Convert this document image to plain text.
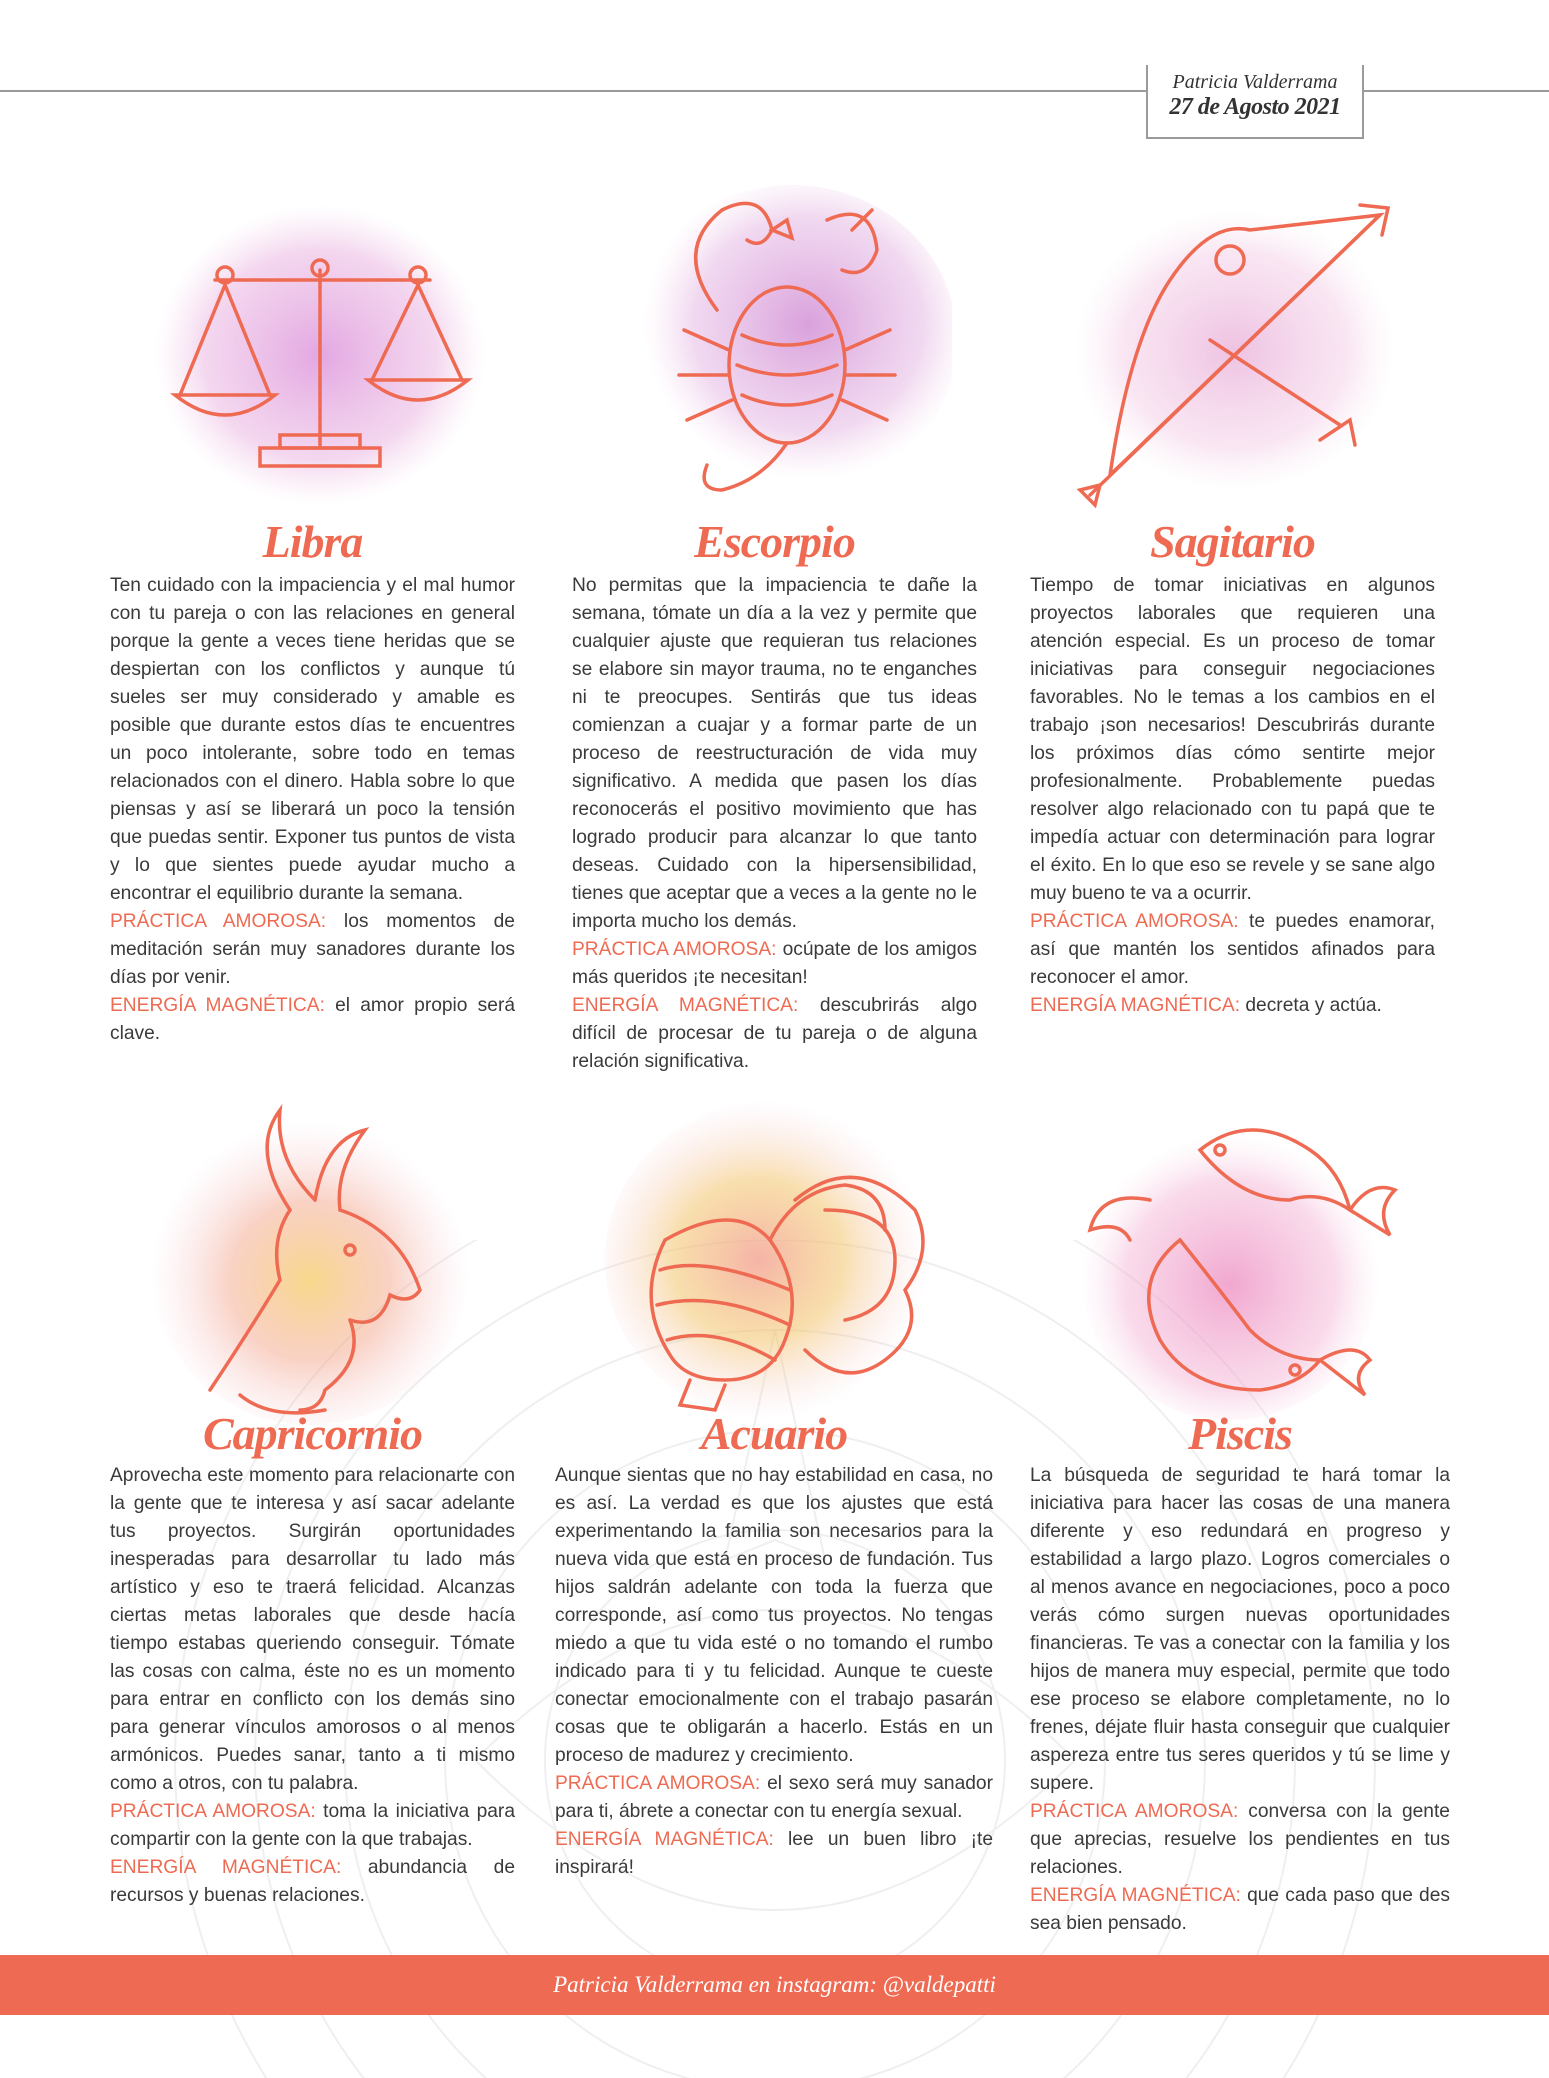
Patricia Valderrama
27 de Agosto 2021
Libra

Ten cuidado con la impaciencia y el mal humor con tu pareja o con las relaciones en general porque la gente a veces tiene heridas que se despiertan con los conflictos y aunque tú sueles ser muy considerado y amable es posible que durante estos días te encuentres un poco intolerante, sobre todo en temas relacionados con el dinero. Habla sobre lo que piensas y así se liberará un poco la tensión que puedas sentir. Exponer tus puntos de vista y lo que sientes puede ayudar mucho a encontrar el equilibrio durante la semana.

PRÁCTICA AMOROSA: los momentos de meditación serán muy sanadores durante los días por venir.

ENERGÍA MAGNÉTICA: el amor propio será clave.

Escorpio

No permitas que la impaciencia te dañe la semana, tómate un día a la vez y permite que cualquier ajuste que requieran tus relaciones se elabore sin mayor trauma, no te enganches ni te preocupes. Sentirás que tus ideas comienzan a cuajar y a formar parte de un proceso de reestructuración de vida muy significativo. A medida que pasen los días reconocerás el positivo movimiento que has logrado producir para alcanzar lo que tanto deseas. Cuidado con la hipersensibilidad, tienes que aceptar que a veces a la gente no le importa mucho los demás.

PRÁCTICA AMOROSA: ocúpate de los amigos más queridos ¡te necesitan!

ENERGÍA MAGNÉTICA: descubrirás algo difícil de procesar de tu pareja o de alguna relación significativa.

Sagitario

Tiempo de tomar iniciativas en algunos proyectos laborales que requieren una atención especial. Es un proceso de tomar iniciativas para conseguir negociaciones favorables. No le temas a los cambios en el trabajo ¡son necesarios! Descubrirás durante los próximos días cómo sentirte mejor profesionalmente. Probablemente puedas resolver algo relacionado con tu papá que te impedía actuar con determinación para lograr el éxito. En lo que eso se revele y se sane algo muy bueno te va a ocurrir.

PRÁCTICA AMOROSA: te puedes enamorar, así que mantén los sentidos afinados para reconocer el amor.

ENERGÍA MAGNÉTICA: decreta y actúa.

Capricornio

Aprovecha este momento para relacionarte con la gente que te interesa y así sacar adelante tus proyectos. Surgirán oportunidades inesperadas para desarrollar tu lado más artístico y eso te traerá felicidad. Alcanzas ciertas metas laborales que desde hacía tiempo estabas queriendo conseguir. Tómate las cosas con calma, éste no es un momento para entrar en conflicto con los demás sino para generar vínculos amorosos o al menos armónicos. Puedes sanar, tanto a ti mismo como a otros, con tu palabra.

PRÁCTICA AMOROSA: toma la iniciativa para compartir con la gente con la que trabajas.

ENERGÍA MAGNÉTICA: abundancia de recursos y buenas relaciones.

Acuario

Aunque sientas que no hay estabilidad en casa, no es así. La verdad es que los ajustes que está experimentando la familia son necesarios para la nueva vida que está en proceso de fundación. Tus hijos saldrán adelante con toda la fuerza que corresponde, así como tus proyectos. No tengas miedo a que tu vida esté o no tomando el rumbo indicado para ti y tu felicidad. Aunque te cueste conectar emocionalmente con el trabajo pasarán cosas que te obligarán a hacerlo. Estás en un proceso de madurez y crecimiento.

PRÁCTICA AMOROSA: el sexo será muy sanador para ti, ábrete a conectar con tu energía sexual.

ENERGÍA MAGNÉTICA: lee un buen libro ¡te inspirará!

Piscis

La búsqueda de seguridad te hará tomar la iniciativa para hacer las cosas de una manera diferente y eso redundará en progreso y estabilidad a largo plazo. Logros comerciales o al menos avance en negociaciones, poco a poco verás cómo surgen nuevas oportunidades financieras. Te vas a conectar con la familia y los hijos de manera muy especial, permite que todo ese proceso se elabore completamente, no lo frenes, déjate fluir hasta conseguir que cualquier aspereza entre tus seres queridos y tú se lime y supere.

PRÁCTICA AMOROSA: conversa con la gente que aprecias, resuelve los pendientes en tus relaciones.

ENERGÍA MAGNÉTICA: que cada paso que des sea bien pensado.

Patricia Valderrama en instagram: @valdepatti
